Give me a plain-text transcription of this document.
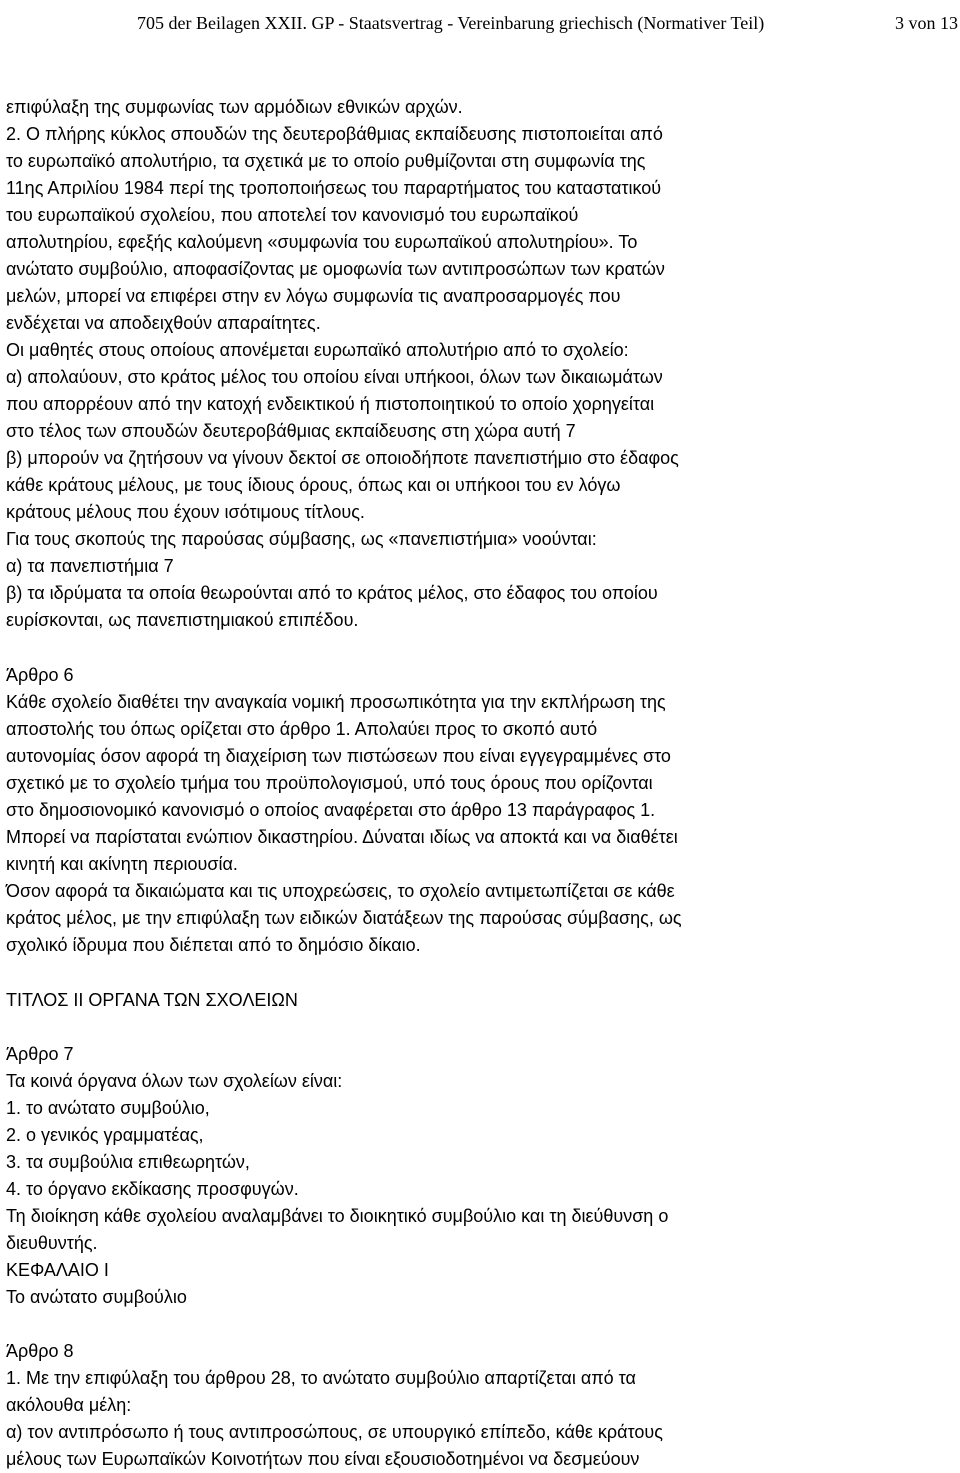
705 der Beilagen XXII. GP - Staatsvertrag - Vereinbarung griechisch (Normativer Teil)	3 von 13
επιφύλαξη της συμφωνίας των αρμόδιων εθνικών αρχών.
2. Ο πλήρης κύκλος σπουδών της δευτεροβάθμιας εκπαίδευσης πιστοποιείται από
το ευρωπαϊκό απολυτήριο, τα σχετικά με το οποίο ρυθμίζονται στη συμφωνία της
11ης Απριλίου 1984 περί της τροποποιήσεως του παραρτήματος του καταστατικού
του ευρωπαϊκού σχολείου, που αποτελεί τον κανονισμό του ευρωπαϊκού
απολυτηρίου, εφεξής καλούμενη «συμφωνία του ευρωπαϊκού απολυτηρίου». Το
ανώτατο συμβούλιο, αποφασίζοντας με ομοφωνία των αντιπροσώπων των κρατών
μελών, μπορεί να επιφέρει στην εν λόγω συμφωνία τις αναπροσαρμογές που
ενδέχεται να αποδειχθούν απαραίτητες.
Οι μαθητές στους οποίους απονέμεται ευρωπαϊκό απολυτήριο από το σχολείο:
α) απολαύουν, στο κράτος μέλος του οποίου είναι υπήκοοι, όλων των δικαιωμάτων
που απορρέουν από την κατοχή ενδεικτικού ή πιστοποιητικού το οποίο χορηγείται
στο τέλος των σπουδών δευτεροβάθμιας εκπαίδευσης στη χώρα αυτή 7
β) μπορούν να ζητήσουν να γίνουν δεκτοί σε οποιοδήποτε πανεπιστήμιο στο έδαφος
κάθε κράτους μέλους, με τους ίδιους όρους, όπως και οι υπήκοοι του εν λόγω
κράτους μέλους που έχουν ισότιμους τίτλους.
Για τους σκοπούς της παρούσας σύμβασης, ως «πανεπιστήμια» νοούνται:
α) τα πανεπιστήμια 7
β) τα ιδρύματα τα οποία θεωρούνται από το κράτος μέλος, στο έδαφος του οποίου
ευρίσκονται, ως πανεπιστημιακού επιπέδου.
Άρθρο 6
Κάθε σχολείο διαθέτει την αναγκαία νομική προσωπικότητα για την εκπλήρωση της
αποστολής του όπως ορίζεται στο άρθρο 1. Απολαύει προς το σκοπό αυτό
αυτονομίας όσον αφορά τη διαχείριση των πιστώσεων που είναι εγγεγραμμένες στο
σχετικό με το σχολείο τμήμα του προϋπολογισμού, υπό τους όρους που ορίζονται
στο δημοσιονομικό κανονισμό ο οποίος αναφέρεται στο άρθρο 13 παράγραφος 1.
Μπορεί να παρίσταται ενώπιον δικαστηρίου. Δύναται ιδίως να αποκτά και να διαθέτει
κινητή και ακίνητη περιουσία.
Όσον αφορά τα δικαιώματα και τις υποχρεώσεις, το σχολείο αντιμετωπίζεται σε κάθε
κράτος μέλος, με την επιφύλαξη των ειδικών διατάξεων της παρούσας σύμβασης, ως
σχολικό ίδρυμα που διέπεται από το δημόσιο δίκαιο.
ΤΙΤΛΟΣ ΙΙ ΟΡΓΑΝΑ ΤΩΝ ΣΧΟΛΕΙΩΝ
Άρθρο 7
Τα κοινά όργανα όλων των σχολείων είναι:
1. το ανώτατο συμβούλιο,
2. ο γενικός γραμματέας,
3. τα συμβούλια επιθεωρητών,
4. το όργανο εκδίκασης προσφυγών.
Τη διοίκηση κάθε σχολείου αναλαμβάνει το διοικητικό συμβούλιο και τη διεύθυνση ο
διευθυντής.
ΚΕΦΑΛΑΙΟ Ι
Το ανώτατο συμβούλιο
Άρθρο 8
1. Με την επιφύλαξη του άρθρου 28, το ανώτατο συμβούλιο απαρτίζεται από τα
ακόλουθα μέλη:
α) τον αντιπρόσωπο ή τους αντιπροσώπους, σε υπουργικό επίπεδο, κάθε κράτους
μέλους των Ευρωπαϊκών Κοινοτήτων που είναι εξουσιοδοτημένοι να δεσμεύουν
